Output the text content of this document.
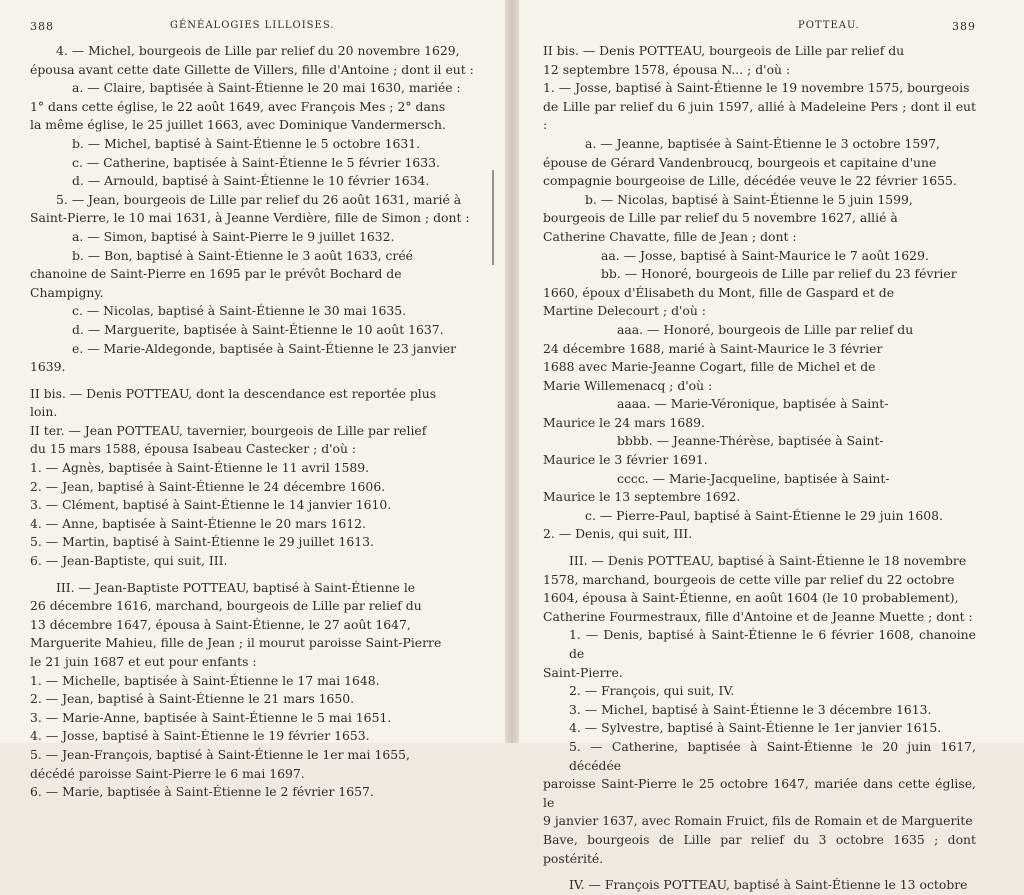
388	GÉNÉALOGIES LILLOISES.

4. — Michel, bourgeois de Lille par relief du 20 novembre 1629,

épousa avant cette date Gillette de Villers, fille d'Antoine ; dont il eut :

a. — Claire, baptisée à Saint-Étienne le 20 mai 1630, mariée :

1° dans cette église, le 22 août 1649, avec François Mes ; 2° dans

la même église, le 25 juillet 1663, avec Dominique Vandermersch.

b. — Michel, baptisé à Saint-Étienne le 5 octobre 1631.

c. — Catherine, baptisée à Saint-Étienne le 5 février 1633.

d. — Arnould, baptisé à Saint-Étienne le 10 février 1634.

5. — Jean, bourgeois de Lille par relief du 26 août 1631, marié à

Saint-Pierre, le 10 mai 1631, à Jeanne Verdière, fille de Simon ; dont :

a. — Simon, baptisé à Saint-Pierre le 9 juillet 1632.

b. — Bon, baptisé à Saint-Étienne le 3 août 1633, créé

chanoine de Saint-Pierre en 1695 par le prévôt Bochard de

Champigny.

c. — Nicolas, baptisé à Saint-Étienne le 30 mai 1635.

d. — Marguerite, baptisée à Saint-Étienne le 10 août 1637.

e. — Marie-Aldegonde, baptisée à Saint-Étienne le 23 janvier

1639.

II bis. — Denis POTTEAU, dont la descendance est reportée plus

loin.

II ter. — Jean POTTEAU, tavernier, bourgeois de Lille par relief

du 15 mars 1588, épousa Isabeau Castecker ; d'où :

1. — Agnès, baptisée à Saint-Étienne le 11 avril 1589.

2. — Jean, baptisé à Saint-Étienne le 24 décembre 1606.

3. — Clément, baptisé à Saint-Étienne le 14 janvier 1610.

4. — Anne, baptisée à Saint-Étienne le 20 mars 1612.

5. — Martin, baptisé à Saint-Étienne le 29 juillet 1613.

6. — Jean-Baptiste, qui suit, III.

III. — Jean-Baptiste POTTEAU, baptisé à Saint-Étienne le

26 décembre 1616, marchand, bourgeois de Lille par relief du

13 décembre 1647, épousa à Saint-Étienne, le 27 août 1647,

Marguerite Mahieu, fille de Jean ; il mourut paroisse Saint-Pierre

le 21 juin 1687 et eut pour enfants :

1. — Michelle, baptisée à Saint-Étienne le 17 mai 1648.

2. — Jean, baptisé à Saint-Étienne le 21 mars 1650.

3. — Marie-Anne, baptisée à Saint-Étienne le 5 mai 1651.

4. — Josse, baptisé à Saint-Étienne le 19 février 1653.

5. — Jean-François, baptisé à Saint-Étienne le 1er mai 1655,

décédé paroisse Saint-Pierre le 6 mai 1697.

6. — Marie, baptisée à Saint-Étienne le 2 février 1657.

POTTEAU.	389

II bis. — Denis POTTEAU, bourgeois de Lille par relief du

12 septembre 1578, épousa N... ; d'où :

1. — Josse, baptisé à Saint-Étienne le 19 novembre 1575, bourgeois

de Lille par relief du 6 juin 1597, allié à Madeleine Pers ; dont il eut :

a. — Jeanne, baptisée à Saint-Étienne le 3 octobre 1597,

épouse de Gérard Vandenbroucq, bourgeois et capitaine d'une

compagnie bourgeoise de Lille, décédée veuve le 22 février 1655.

b. — Nicolas, baptisé à Saint-Étienne le 5 juin 1599,

bourgeois de Lille par relief du 5 novembre 1627, allié à

Catherine Chavatte, fille de Jean ; dont :

aa. — Josse, baptisé à Saint-Maurice le 7 août 1629.

bb. — Honoré, bourgeois de Lille par relief du 23 février

1660, époux d'Élisabeth du Mont, fille de Gaspard et de

Martine Delecourt ; d'où :

aaa. — Honoré, bourgeois de Lille par relief du

24 décembre 1688, marié à Saint-Maurice le 3 février

1688 avec Marie-Jeanne Cogart, fille de Michel et de

Marie Willemenacq ; d'où :

aaaa. — Marie-Véronique, baptisée à Saint-

Maurice le 24 mars 1689.

bbbb. — Jeanne-Thérèse, baptisée à Saint-

Maurice le 3 février 1691.

cccc. — Marie-Jacqueline, baptisée à Saint-

Maurice le 13 septembre 1692.

c. — Pierre-Paul, baptisé à Saint-Étienne le 29 juin 1608.

2. — Denis, qui suit, III.

III. — Denis POTTEAU, baptisé à Saint-Étienne le 18 novembre

1578, marchand, bourgeois de cette ville par relief du 22 octobre

1604, épousa à Saint-Étienne, en août 1604 (le 10 probablement),

Catherine Fourmestraux, fille d'Antoine et de Jeanne Muette ; dont :

1. — Denis, baptisé à Saint-Étienne le 6 février 1608, chanoine de

Saint-Pierre.

2. — François, qui suit, IV.

3. — Michel, baptisé à Saint-Étienne le 3 décembre 1613.

4. — Sylvestre, baptisé à Saint-Étienne le 1er janvier 1615.

5. — Catherine, baptisée à Saint-Étienne le 20 juin 1617, décédée

paroisse Saint-Pierre le 25 octobre 1647, mariée dans cette église, le

9 janvier 1637, avec Romain Fruict, fils de Romain et de Marguerite

Bave, bourgeois de Lille par relief du 3 octobre 1635 ; dont postérité.

IV. — François POTTEAU, baptisé à Saint-Étienne le 13 octobre
